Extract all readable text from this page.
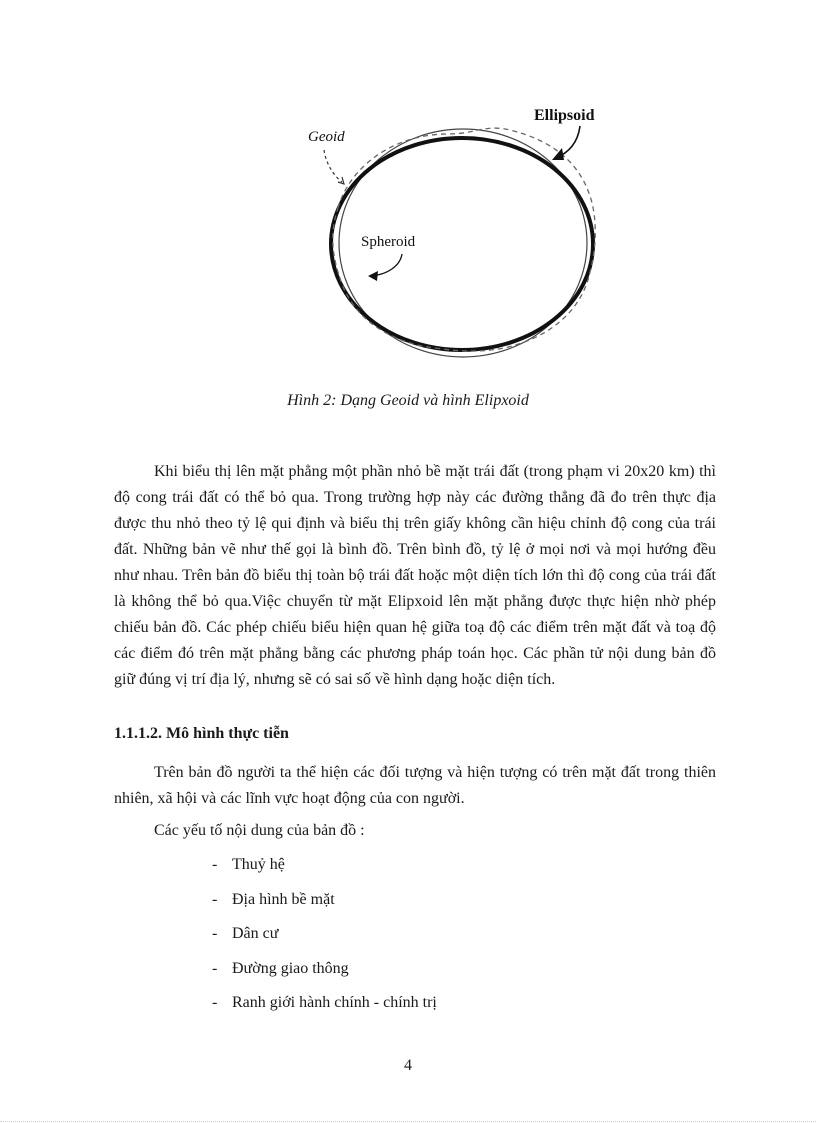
Geoid
Ellipsoid
Spheroid
Hình 2: Dạng Geoid và hình Elipxoid

Khi biểu thị lên mặt phẳng một phần nhỏ bề mặt trái đất (trong phạm vi 20x20 km) thì độ cong trái đất có thể bỏ qua. Trong trường hợp này các đường thẳng đã đo trên thực địa được thu nhỏ theo tỷ lệ qui định và biểu thị trên giấy không cần hiệu chỉnh độ cong của trái đất. Những bản vẽ như thế gọi là bình đồ. Trên bình đồ, tỷ lệ ở mọi nơi và mọi hướng đều như nhau. Trên bản đồ biểu thị toàn bộ trái đất hoặc một diện tích lớn thì độ cong của trái đất là không thể bỏ qua.Việc chuyển từ mặt Elipxoid lên mặt phẳng được thực hiện nhờ phép chiếu bản đồ. Các phép chiếu biểu hiện quan hệ giữa toạ độ các điểm trên mặt đất và toạ độ các điểm đó trên mặt phẳng bằng các phương pháp toán học. Các phần tử nội dung bản đồ giữ đúng vị trí địa lý, nhưng sẽ có sai số về hình dạng hoặc diện tích.

1.1.1.2. Mô hình thực tiễn

Trên bản đồ người ta thể hiện các đối tượng và hiện tượng có trên mặt đất trong thiên nhiên, xã hội và các lĩnh vực hoạt động của con người.

Các yếu tố nội dung của bản đồ :

- Thuỷ hệ
- Địa hình bề mặt
- Dân cư
- Đường giao thông
- Ranh giới hành chính - chính trị
4
